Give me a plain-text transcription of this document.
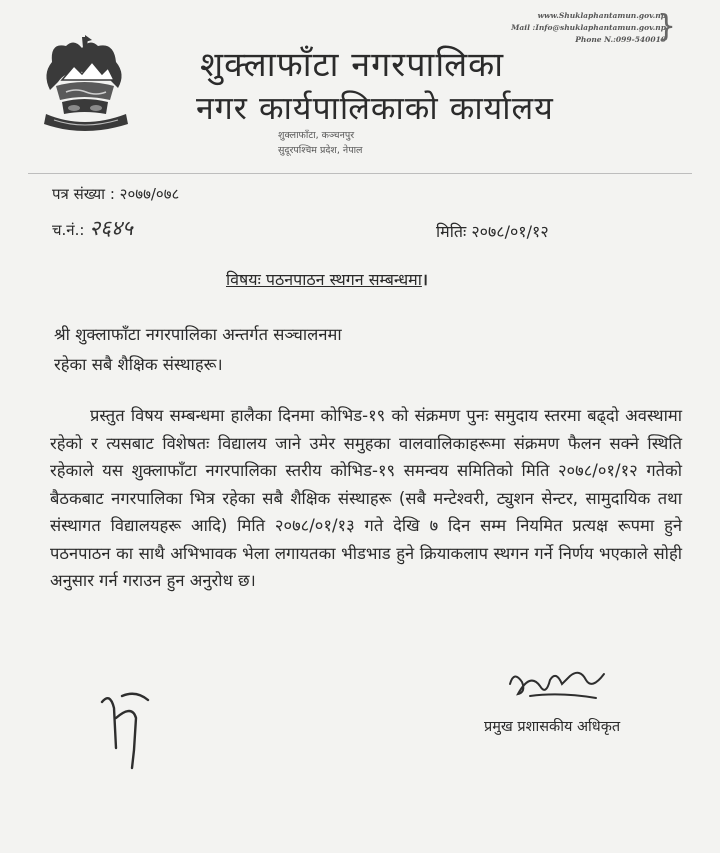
शुक्लाफाँटा नगरपालिका
नगर कार्यपालिकाको कार्यालय
www.Shuklaphantamun.gov.np
Mail :Info@shuklaphantamun.gov.np
Phone N.:099-540010
}
शुक्लाफाँटा, कञ्चनपुर
सुदूरपश्चिम प्रदेश, नेपाल
पत्र संख्या : २०७७/०७८
च.नं.: २६४५	मितिः २०७८/०१/१२
विषयः पठनपाठन स्थगन सम्बन्धमा।
श्री शुक्लाफाँटा नगरपालिका अन्तर्गत सञ्चालनमा
रहेका सबै शैक्षिक संस्थाहरू।

प्रस्तुत विषय सम्बन्धमा हालैका दिनमा कोभिड-१९ को संक्रमण पुनः समुदाय स्तरमा बढ्दो अवस्थामा रहेको र त्यसबाट विशेषतः विद्यालय जाने उमेर समुहका वालवालिकाहरूमा संक्रमण फैलन सक्ने स्थिति रहेकाले यस शुक्लाफाँटा नगरपालिका स्तरीय कोभिड-१९ समन्वय समितिको मिति २०७८/०१/१२ गतेको बैठकबाट नगरपालिका भित्र रहेका सबै शैक्षिक संस्थाहरू (सबै मन्टेश्वरी, ट्युशन सेन्टर, सामुदायिक तथा संस्थागत विद्यालयहरू आदि) मिति २०७८/०१/१३ गते देखि ७ दिन सम्म नियमित प्रत्यक्ष रूपमा हुने पठनपाठन का साथै अभिभावक भेला लगायतका भीडभाड हुने क्रियाकलाप स्थगन गर्ने निर्णय भएकाले सोही अनुसार गर्न गराउन हुन अनुरोध छ।

प्रमुख प्रशासकीय अधिकृत
